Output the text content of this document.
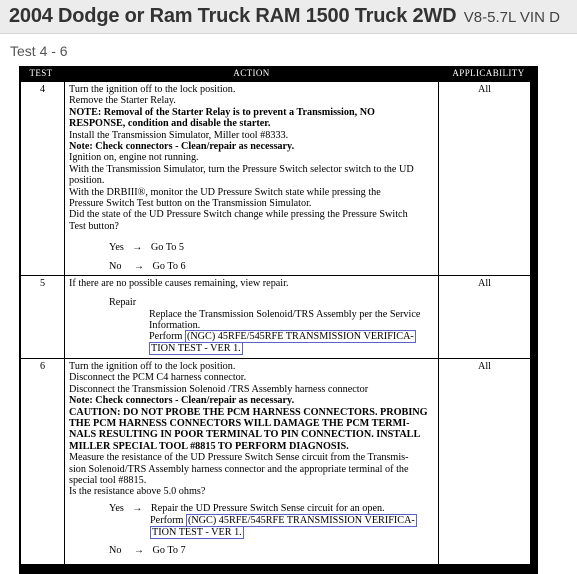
2004 Dodge or Ram Truck RAM 1500 Truck 2WD V8-5.7L VIN D
Test 4 - 6
TEST	ACTION	APPLICABILITY
4	Turn the ignition off to the lock position.
Remove the Starter Relay.
NOTE: Removal of the Starter Relay is to prevent a Transmission, NO
RESPONSE, condition and disable the starter.
Install the Transmission Simulator, Miller tool #8333.
Note: Check connectors - Clean/repair as necessary.
Ignition on, engine not running.
With the Transmission Simulator, turn the Pressure Switch selector switch to the UD
position.
With the DRBIII®, monitor the UD Pressure Switch state while pressing the
Pressure Switch Test button on the Transmission Simulator.
Did the state of the UD Pressure Switch change while pressing the Pressure Switch
Test button?
Yes → Go To 5
No → Go To 6
All
5	If there are no possible causes remaining, view repair.
Repair
Replace the Transmission Solenoid/TRS Assembly per the Service
Information.
Perform (NGC) 45RFE/545RFE TRANSMISSION VERIFICA-
TION TEST - VER 1.
All
6	Turn the ignition off to the lock position.
Disconnect the PCM C4 harness connector.
Disconnect the Transmission Solenoid /TRS Assembly harness connector
Note: Check connectors - Clean/repair as necessary.
CAUTION: DO NOT PROBE THE PCM HARNESS CONNECTORS. PROBING
THE PCM HARNESS CONNECTORS WILL DAMAGE THE PCM TERMI-
NALS RESULTING IN POOR TERMINAL TO PIN CONNECTION. INSTALL
MILLER SPECIAL TOOL #8815 TO PERFORM DIAGNOSIS.
Measure the resistance of the UD Pressure Switch Sense circuit from the Transmis-
sion Solenoid/TRS Assembly harness connector and the appropriate terminal of the
special tool #8815.
Is the resistance above 5.0 ohms?
Yes → Repair the UD Pressure Switch Sense circuit for an open.
Perform (NGC) 45RFE/545RFE TRANSMISSION VERIFICA-
TION TEST - VER 1.
No → Go To 7
All
